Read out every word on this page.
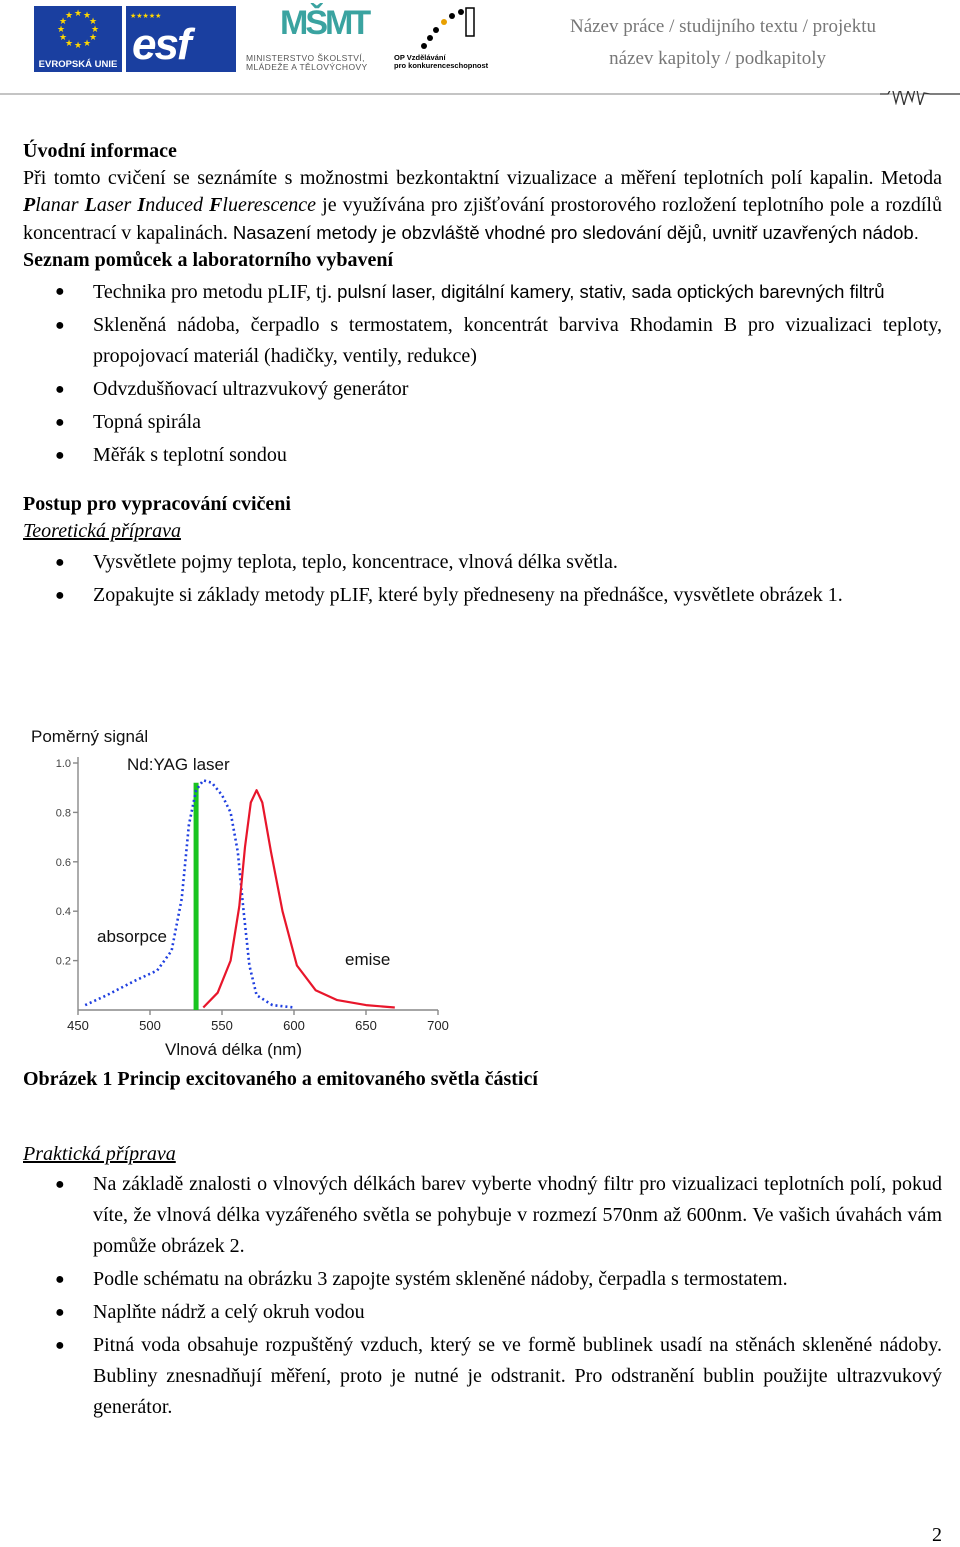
★ ★
★
★
★
★
★
★
★
★
★
★
EVROPSKÁ UNIE
★★★★★
esf	MŠMT
MINISTERSTVO ŠKOLSTVÍ,
MLÁDEŽE A TĚLOVÝCHOVY
OP Vzdělávání
pro konkurenceschopnost
Název práce / studijního textu / projektu
název kapitoly / podkapitoly
Úvodní informace

Při tomto cvičení se seznámíte s možnostmi bezkontaktní vizualizace a měření teplotních polí kapalin. Metoda Planar Laser Induced Fluerescence je využívána pro zjišťování prostorového rozložení teplotního pole a rozdílů koncentrací v kapalinách. Nasazení metody je obzvláště vhodné pro sledování dějů, uvnitř uzavřených nádob.

Seznam pomůcek a laboratorního vybavení
● Technika pro metodu pLIF, tj. pulsní laser, digitální kamery, stativ, sada optických barevných filtrů
● Skleněná nádoba, čerpadlo s termostatem, koncentrát barviva Rhodamin B pro vizualizaci teploty, propojovací materiál (hadičky, ventily, redukce)
● Odvzdušňovací ultrazvukový generátor
● Topná spirála
● Měřák s teplotní sondou
Postup pro vypracování cvičeni
Teoretická příprava
● Vysvětlete pojmy teplota, teplo, koncentrace, vlnová délka světla.
● Zopakujte si základy metody pLIF, které byly předneseny na přednášce, vysvětlete obrázek 1.
0.2
0.4
0.6
0.8
1.0
450	500	550	600	650	700
Poměrný signál
Nd:YAG laser
absorpce
emise
Vlnová délka (nm)
Obrázek 1 Princip excitovaného a emitovaného světla částicí
Praktická příprava
● Na základě znalosti o vlnových délkách barev vyberte vhodný filtr pro vizualizaci teplotních polí, pokud víte, že vlnová délka vyzářeného světla se pohybuje v rozmezí 570nm až 600nm. Ve vašich úvahách vám pomůže obrázek 2.
● Podle schématu na obrázku 3 zapojte systém skleněné nádoby, čerpadla s termostatem.
● Naplňte nádrž a celý okruh vodou
● Pitná voda obsahuje rozpuštěný vzduch, který se ve formě bublinek usadí na stěnách skleněné nádoby. Bubliny znesnadňují měření, proto je nutné je odstranit. Pro odstranění bublin použijte ultrazvukový generátor.
2
